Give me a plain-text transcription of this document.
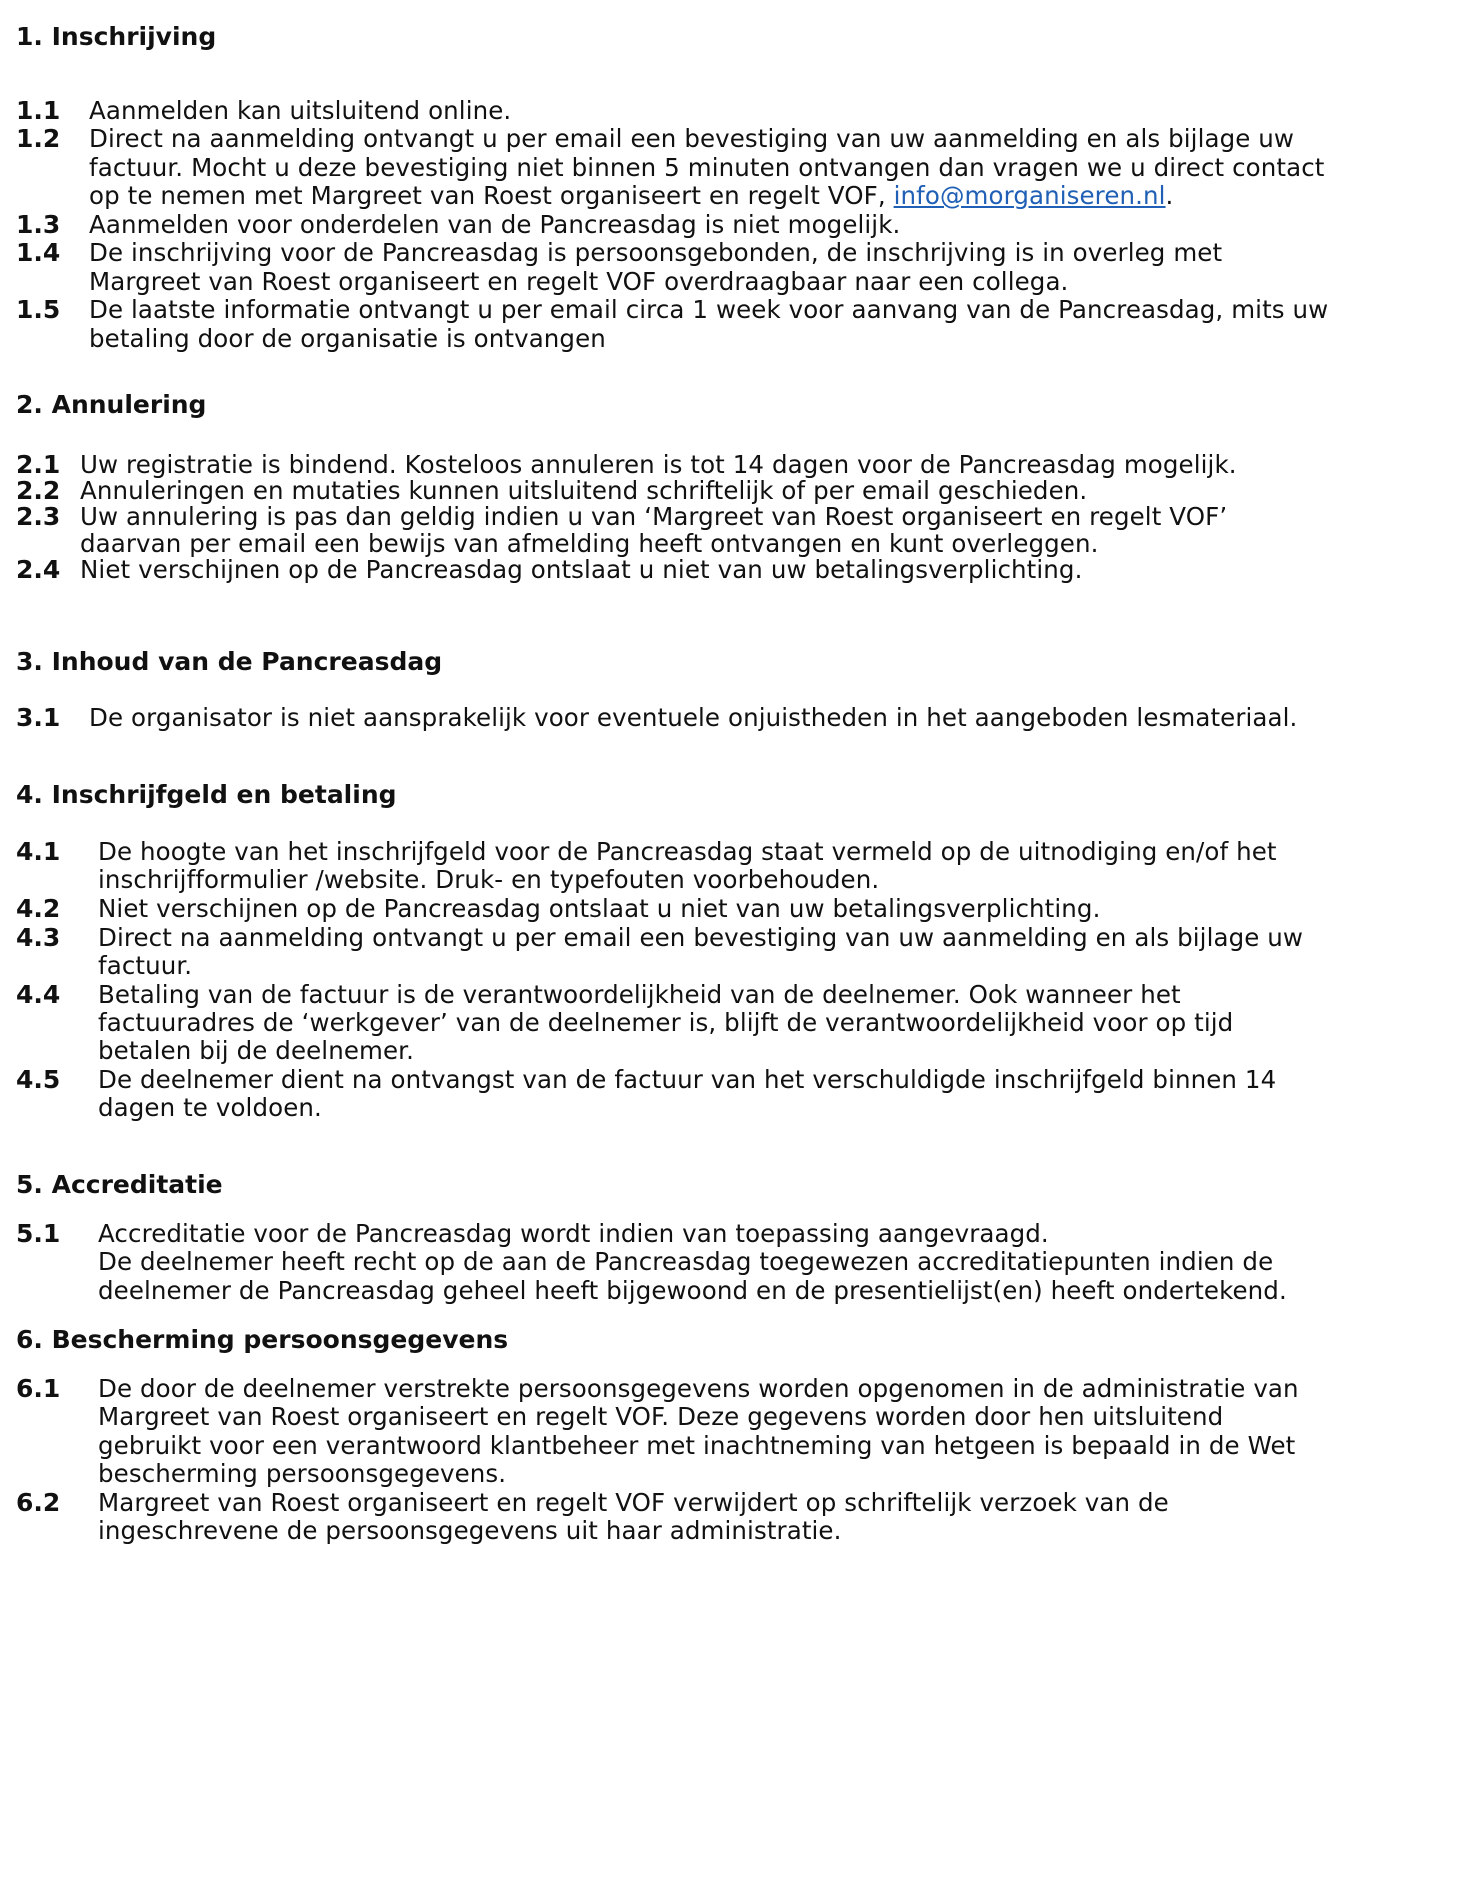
1. Inschrijving
1.1 Aanmelden kan uitsluitend online.
1.2 Direct na aanmelding ontvangt u per email een bevestiging van uw aanmelding en als bijlage uw
factuur. Mocht u deze bevestiging niet binnen 5 minuten ontvangen dan vragen we u direct contact
op te nemen met Margreet van Roest organiseert en regelt VOF, info@morganiseren.nl.
1.3 Aanmelden voor onderdelen van de Pancreasdag is niet mogelijk.
1.4 De inschrijving voor de Pancreasdag is persoonsgebonden, de inschrijving is in overleg met
Margreet van Roest organiseert en regelt VOF overdraagbaar naar een collega.
1.5 De laatste informatie ontvangt u per email circa 1 week voor aanvang van de Pancreasdag, mits uw
betaling door de organisatie is ontvangen
2. Annulering
2.1 Uw registratie is bindend. Kosteloos annuleren is tot 14 dagen voor de Pancreasdag mogelijk.
2.2 Annuleringen en mutaties kunnen uitsluitend schriftelijk of per email geschieden.
2.3 Uw annulering is pas dan geldig indien u van ‘Margreet van Roest organiseert en regelt VOF’
daarvan per email een bewijs van afmelding heeft ontvangen en kunt overleggen.
2.4 Niet verschijnen op de Pancreasdag ontslaat u niet van uw betalingsverplichting.
3. Inhoud van de Pancreasdag
3.1 De organisator is niet aansprakelijk voor eventuele onjuistheden in het aangeboden lesmateriaal.
4. Inschrijfgeld en betaling
4.1 De hoogte van het inschrijfgeld voor de Pancreasdag staat vermeld op de uitnodiging en/of het
inschrijfformulier /website. Druk- en typefouten voorbehouden.
4.2 Niet verschijnen op de Pancreasdag ontslaat u niet van uw betalingsverplichting.
4.3 Direct na aanmelding ontvangt u per email een bevestiging van uw aanmelding en als bijlage uw
factuur.
4.4 Betaling van de factuur is de verantwoordelijkheid van de deelnemer. Ook wanneer het
factuuradres de ‘werkgever’ van de deelnemer is, blijft de verantwoordelijkheid voor op tijd
betalen bij de deelnemer.
4.5 De deelnemer dient na ontvangst van de factuur van het verschuldigde inschrijfgeld binnen 14
dagen te voldoen.
5. Accreditatie
5.1 Accreditatie voor de Pancreasdag wordt indien van toepassing aangevraagd.
De deelnemer heeft recht op de aan de Pancreasdag toegewezen accreditatiepunten indien de
deelnemer de Pancreasdag geheel heeft bijgewoond en de presentielijst(en) heeft ondertekend.
6. Bescherming persoonsgegevens
6.1 De door de deelnemer verstrekte persoonsgegevens worden opgenomen in de administratie van
Margreet van Roest organiseert en regelt VOF. Deze gegevens worden door hen uitsluitend
gebruikt voor een verantwoord klantbeheer met inachtneming van hetgeen is bepaald in de Wet
bescherming persoonsgegevens.
6.2 Margreet van Roest organiseert en regelt VOF verwijdert op schriftelijk verzoek van de
ingeschrevene de persoonsgegevens uit haar administratie.
